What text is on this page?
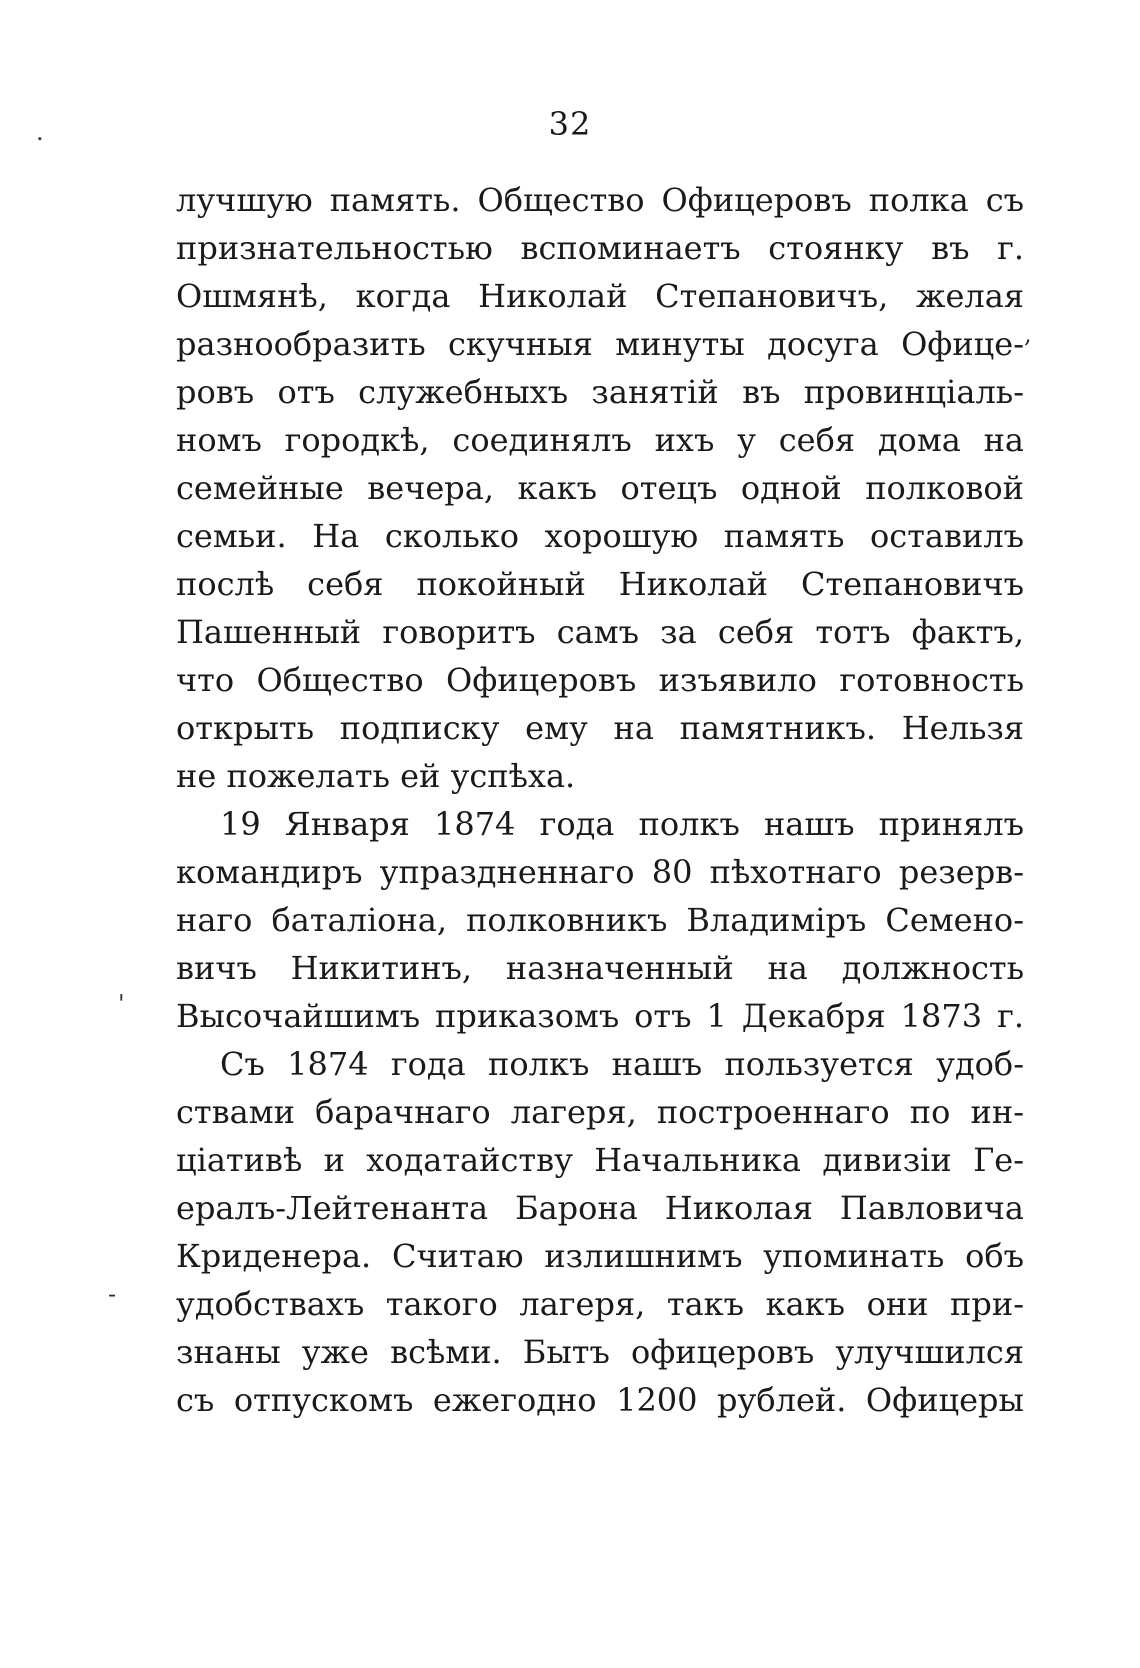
32
лучшую память. Общество Офицеровъ полка съ
признательностью вспоминаетъ стоянку въ г.
Ошмянѣ, когда Николай Степановичъ, желая
разнообразить скучныя минуты досуга Офице-
ровъ отъ служебныхъ занятій въ провинціаль-
номъ городкѣ, соединялъ ихъ у себя дома на
семейные вечера, какъ отецъ одной полковой
семьи. На сколько хорошую память оставилъ
послѣ себя покойный Николай Степановичъ
Пашенный говоритъ самъ за себя тотъ фактъ,
что Общество Офицеровъ изъявило готовность
открыть подписку ему на памятникъ. Нельзя
не пожелать ей успѣха.
19 Января 1874 года полкъ нашъ принялъ
командиръ упраздненнаго 80 пѣхотнаго резерв-
наго баталіона, полковникъ Владиміръ Семено-
вичъ Никитинъ, назначенный на должность
Высочайшимъ приказомъ отъ 1 Декабря 1873 г.
Съ 1874 года полкъ нашъ пользуется удоб-
ствами барачнаго лагеря, построеннаго по ин-
ціативѣ и ходатайству Начальника дивизіи Ге-
ералъ-Лейтенанта Барона Николая Павловича
Криденера. Считаю излишнимъ упоминать объ
удобствахъ такого лагеря, такъ какъ они при-
знаны уже всѣми. Бытъ офицеровъ улучшился
съ отпускомъ ежегодно 1200 рублей. Офицеры
.
,
'
-
